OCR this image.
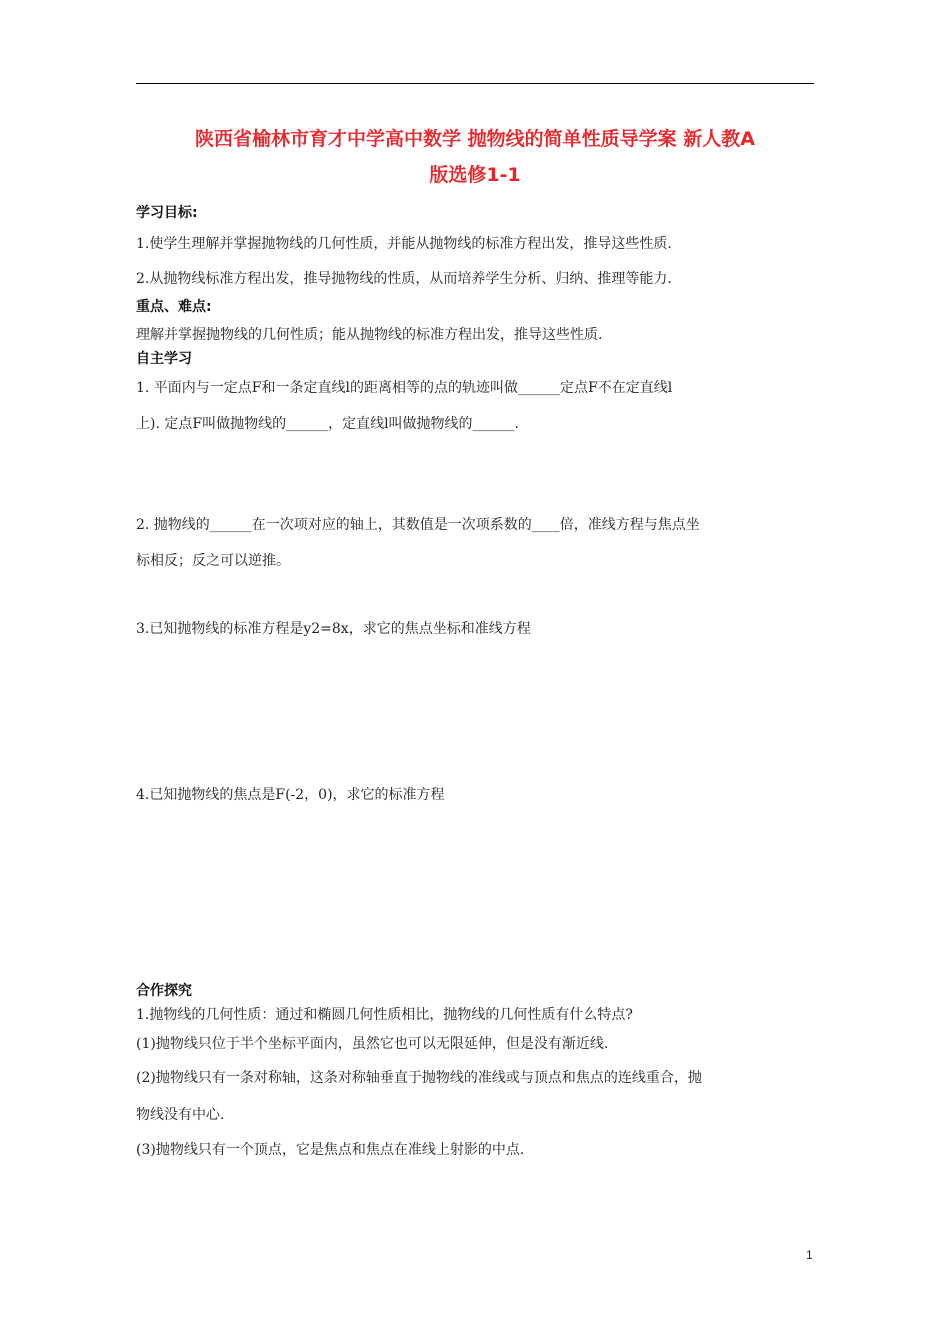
陕西省榆林市育才中学高中数学 抛物线的简单性质导学案 新人教A
版选修1-1
学习目标:
1.使学生理解并掌握抛物线的几何性质，并能从抛物线的标准方程出发，推导这些性质.
2.从抛物线标准方程出发，推导抛物线的性质，从而培养学生分析、归纳、推理等能力.
重点、难点:
理解并掌握抛物线的几何性质；能从抛物线的标准方程出发，推导这些性质.
自主学习
1. 平面内与一定点F和一条定直线l的距离相等的点的轨迹叫做______定点F不在定直线l
上). 定点F叫做抛物线的______，定直线l叫做抛物线的______.
2. 抛物线的______在一次项对应的轴上，其数值是一次项系数的____倍，准线方程与焦点坐
标相反；反之可以逆推。
3.已知抛物线的标准方程是y2=8x，求它的焦点坐标和准线方程
4.已知抛物线的焦点是F(-2，0)，求它的标准方程
合作探究
1.抛物线的几何性质：通过和椭圆几何性质相比，抛物线的几何性质有什么特点?
(1)抛物线只位于半个坐标平面内，虽然它也可以无限延伸，但是没有渐近线.
(2)抛物线只有一条对称轴，这条对称轴垂直于抛物线的准线或与顶点和焦点的连线重合，抛
物线没有中心.
(3)抛物线只有一个顶点，它是焦点和焦点在准线上射影的中点.
1
